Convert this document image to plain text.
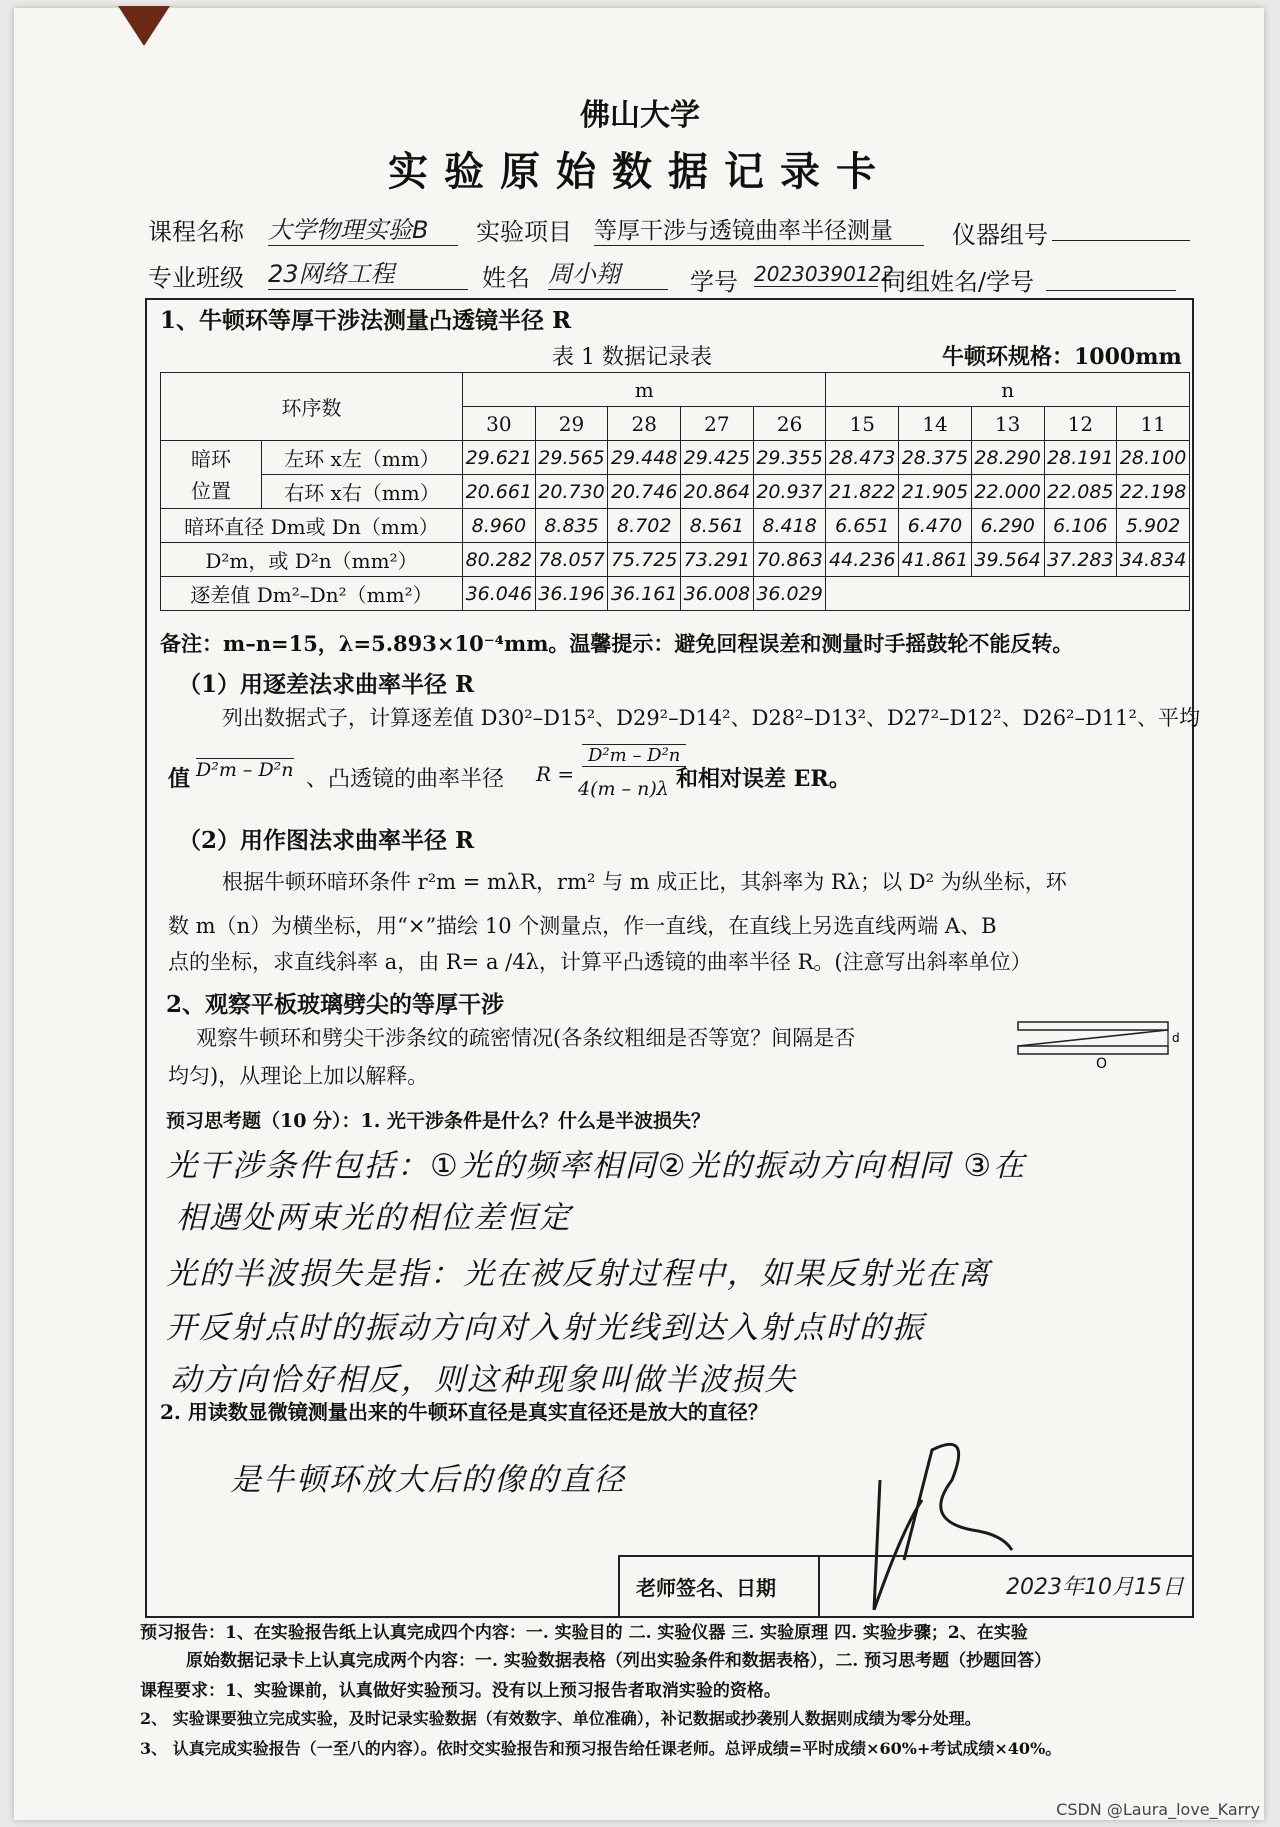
佛山大学
实验原始数据记录卡
课程名称 大学物理实验B	实验项目 等厚干涉与透镜曲率半径测量	仪器组号
专业班级 23网络工程	姓名 周小翔	学号 20230390122
同组姓名/学号
1、牛顿环等厚干涉法测量凸透镜半径 R
表 1 数据记录表	牛顿环规格：1000mm
环序数		m					n				
		30	29	28	27	26	15	14	13	12	11
暗环
位置	左环 x左（mm）	29.621	29.565	29.448	29.425	29.355	28.473	28.375	28.290	28.191	28.100
	右环 x右（mm）	20.661	20.730	20.746	20.864	20.937	21.822	21.905	22.000	22.085	22.198
暗环直径 Dm或 Dn（mm）		8.960	8.835	8.702	8.561	8.418	6.651	6.470	6.290	6.106	5.902
D²m，或 D²n（mm²）		80.282	78.057	75.725	73.291	70.863	44.236	41.861	39.564	37.283	34.834
逐差值 Dm²–Dn²（mm²）		36.046	36.196	36.161	36.008	36.029					
备注：m–n=15，λ=5.893×10⁻⁴mm。温馨提示：避免回程误差和测量时手摇鼓轮不能反转。
（1）用逐差法求曲率半径 R
列出数据式子，计算逐差值 D30²–D15²、D29²–D14²、D28²–D13²、D27²–D12²、D26²–D11²、平均
值 D²m – D²n 、凸透镜的曲率半径 R =
D²m – D²n
4(m – n)λ 和相对误差 ER。
（2）用作图法求曲率半径 R
根据牛顿环暗环条件 r²m = mλR，rm² 与 m 成正比，其斜率为 Rλ；以 D² 为纵坐标，环
数 m（n）为横坐标，用“×”描绘 10 个测量点，作一直线，在直线上另选直线两端 A、B
点的坐标，求直线斜率 a，由 R= a /4λ，计算平凸透镜的曲率半径 R。(注意写出斜率单位）
2、观察平板玻璃劈尖的等厚干涉
观察牛顿环和劈尖干涉条纹的疏密情况(各条纹粗细是否等宽？间隔是否
均匀)，从理论上加以解释。	O
d
预习思考题（10 分）：1. 光干涉条件是什么？什么是半波损失？
光干涉条件包括：①光的频率相同②光的振动方向相同 ③在
相遇处两束光的相位差恒定
光的半波损失是指：光在被反射过程中，如果反射光在离
开反射点时的振动方向对入射光线到达入射点时的振
动方向恰好相反，则这种现象叫做半波损失
2. 用读数显微镜测量出来的牛顿环直径是真实直径还是放大的直径？
是牛顿环放大后的像的直径
老师签名、日期	2023年10月15日
预习报告：1、在实验报告纸上认真完成四个内容：一. 实验目的 二. 实验仪器 三. 实验原理 四. 实验步骤；2、在实验
原始数据记录卡上认真完成两个内容：一. 实验数据表格（列出实验条件和数据表格），二. 预习思考题（抄题回答）
课程要求：1、实验课前，认真做好实验预习。没有以上预习报告者取消实验的资格。
2、 实验课要独立完成实验，及时记录实验数据（有效数字、单位准确），补记数据或抄袭别人数据则成绩为零分处理。
3、 认真完成实验报告（一至八的内容）。依时交实验报告和预习报告给任课老师。总评成绩=平时成绩×60%+考试成绩×40%。
CSDN @Laura_love_Karry
